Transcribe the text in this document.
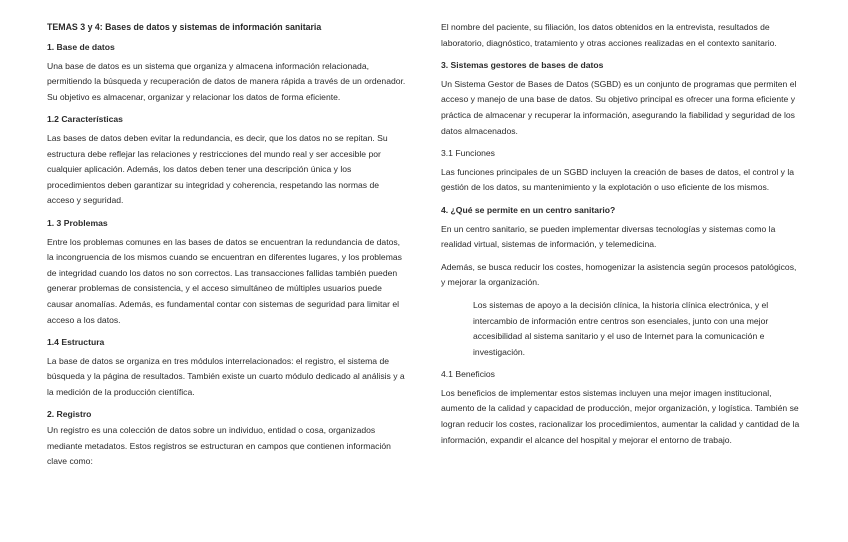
TEMAS 3 y 4: Bases de datos y sistemas de información sanitaria
1. Base de datos

Una base de datos es un sistema que organiza y almacena información relacionada, permitiendo la búsqueda y recuperación de datos de manera rápida a través de un ordenador. Su objetivo es almacenar, organizar y relacionar los datos de forma eficiente.

1.2 Características

Las bases de datos deben evitar la redundancia, es decir, que los datos no se repitan. Su estructura debe reflejar las relaciones y restricciones del mundo real y ser accesible por cualquier aplicación. Además, los datos deben tener una descripción única y los procedimientos deben garantizar su integridad y coherencia, respetando las normas de acceso y seguridad.

1. 3 Problemas

Entre los problemas comunes en las bases de datos se encuentran la redundancia de datos, la incongruencia de los mismos cuando se encuentran en diferentes lugares, y los problemas de integridad cuando los datos no son correctos. Las transacciones fallidas también pueden generar problemas de consistencia, y el acceso simultáneo de múltiples usuarios puede causar anomalías. Además, es fundamental contar con sistemas de seguridad para limitar el acceso a los datos.

1.4 Estructura

La base de datos se organiza en tres módulos interrelacionados: el registro, el sistema de búsqueda y la página de resultados. También existe un cuarto módulo dedicado al análisis y a la medición de la producción científica.

2. Registro

Un registro es una colección de datos sobre un individuo, entidad o cosa, organizados mediante metadatos. Estos registros se estructuran en campos que contienen información clave como:

El nombre del paciente, su filiación, los datos obtenidos en la entrevista, resultados de laboratorio, diagnóstico, tratamiento y otras acciones realizadas en el contexto sanitario.

3. Sistemas gestores de bases de datos

Un Sistema Gestor de Bases de Datos (SGBD) es un conjunto de programas que permiten el acceso y manejo de una base de datos. Su objetivo principal es ofrecer una forma eficiente y práctica de almacenar y recuperar la información, asegurando la fiabilidad y seguridad de los datos almacenados.

3.1 Funciones

Las funciones principales de un SGBD incluyen la creación de bases de datos, el control y la gestión de los datos, su mantenimiento y la explotación o uso eficiente de los mismos.

4. ¿Qué se permite en un centro sanitario?

En un centro sanitario, se pueden implementar diversas tecnologías y sistemas como la realidad virtual, sistemas de información, y telemedicina.

Además, se busca reducir los costes, homogenizar la asistencia según procesos patológicos, y mejorar la organización.

Los sistemas de apoyo a la decisión clínica, la historia clínica electrónica, y el intercambio de información entre centros son esenciales, junto con una mejor accesibilidad al sistema sanitario y el uso de Internet para la comunicación e investigación.

4.1 Beneficios

Los beneficios de implementar estos sistemas incluyen una mejor imagen institucional, aumento de la calidad y capacidad de producción, mejor organización, y logística. También se logran reducir los costes, racionalizar los procedimientos, aumentar la calidad y cantidad de la información, expandir el alcance del hospital y mejorar el entorno de trabajo.
